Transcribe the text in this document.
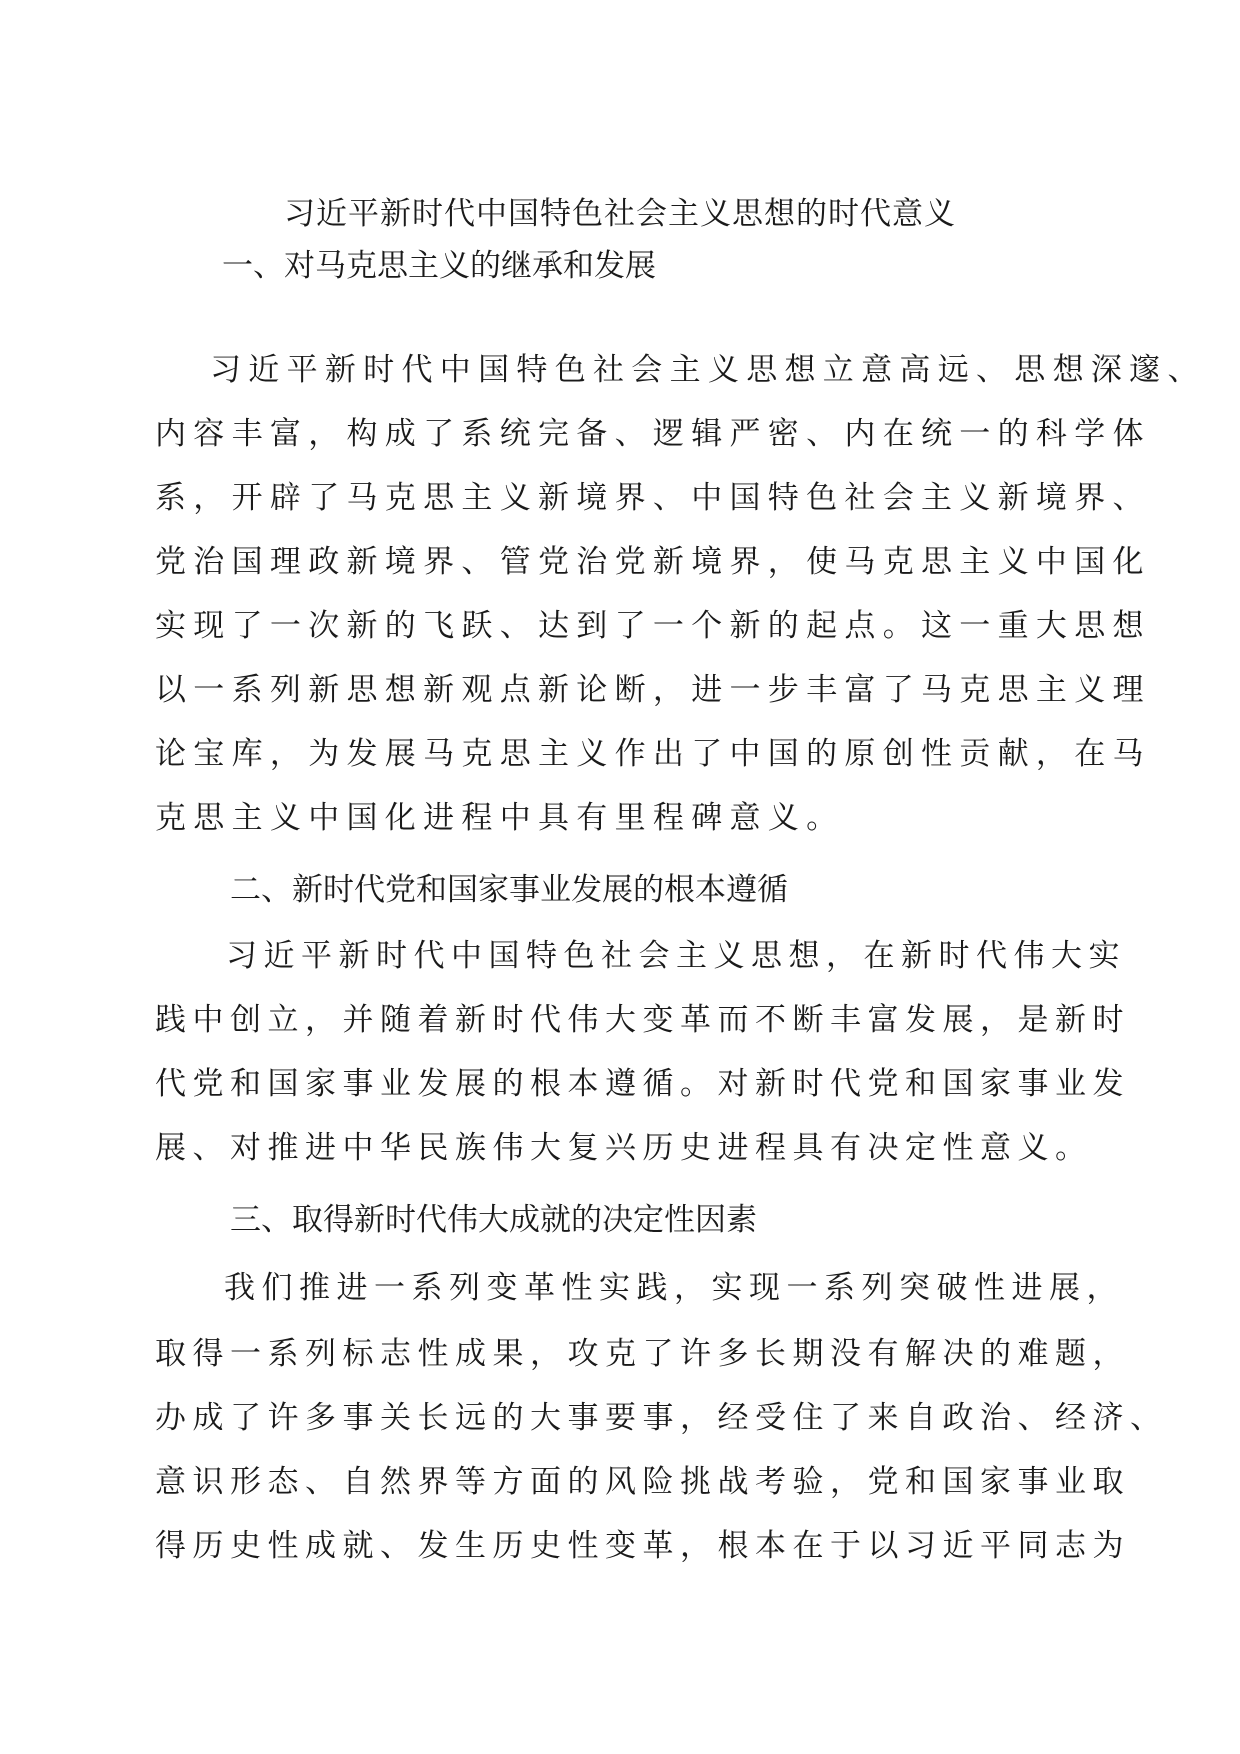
习近平新时代中国特色社会主义思想的时代意义
一、对马克思主义的继承和发展
习近平新时代中国特色社会主义思想立意高远、思想深邃、
内容丰富，构成了系统完备、逻辑严密、内在统一的科学体
系，开辟了马克思主义新境界、中国特色社会主义新境界、
党治国理政新境界、管党治党新境界，使马克思主义中国化
实现了一次新的飞跃、达到了一个新的起点。这一重大思想
以一系列新思想新观点新论断，进一步丰富了马克思主义理
论宝库，为发展马克思主义作出了中国的原创性贡献，在马
克思主义中国化进程中具有里程碑意义。
二、新时代党和国家事业发展的根本遵循
习近平新时代中国特色社会主义思想，在新时代伟大实
践中创立，并随着新时代伟大变革而不断丰富发展，是新时
代党和国家事业发展的根本遵循。对新时代党和国家事业发
展、对推进中华民族伟大复兴历史进程具有决定性意义。
三、取得新时代伟大成就的决定性因素
我们推进一系列变革性实践，实现一系列突破性进展，
取得一系列标志性成果，攻克了许多长期没有解决的难题，
办成了许多事关长远的大事要事，经受住了来自政治、经济、
意识形态、自然界等方面的风险挑战考验，党和国家事业取
得历史性成就、发生历史性变革，根本在于以习近平同志为
